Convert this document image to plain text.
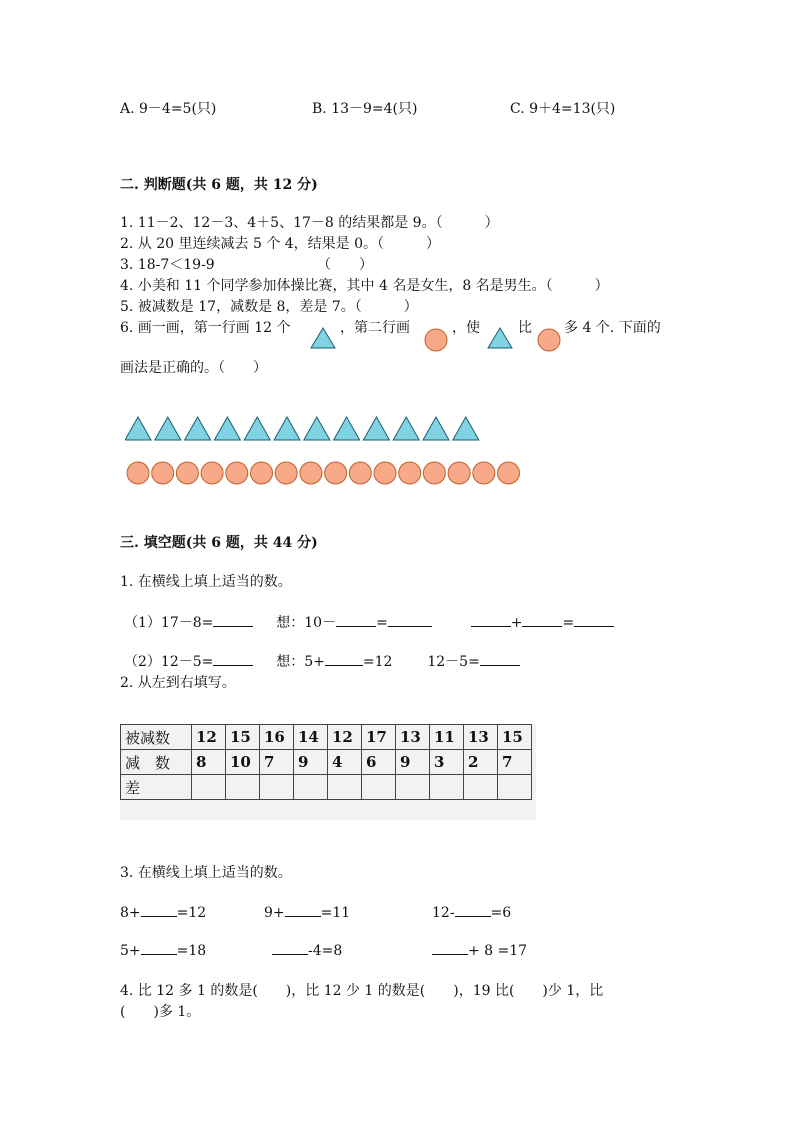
A. 9－4=5(只)	B. 13－9=4(只)	C. 9＋4=13(只)
二. 判断题(共 6 题，共 12 分)
1. 11－2、12－3、4＋5、17－8 的结果都是 9。（　　　）
2. 从 20 里连续减去 5 个 4，结果是 0。（　　　）
3. 18-7＜19-9	（　　）
4. 小美和 11 个同学参加体操比赛，其中 4 名是女生，8 名是男生。（　　　）
5. 被减数是 17，减数是 8，差是 7。（　　　）
6. 画一画，第一行画 12 个	，第二行画	，使	比 多 4 个. 下面的
画法是正确的。（　　）
三. 填空题(共 6 题，共 44 分)
1. 在横线上填上适当的数。
（1）17－8=	想：10－	=	+	=
（2）12－5=	想：5+	=12 12－5=
2. 从左到右填写。
被减数	12	15	16	14	12	17	13	11	13	15
减　数	8	10	7	9	4	6	9	3	2	7
差										
3. 在横线上填上适当的数。
8+	=12	9+	=11	12-	=6
5+	=18	-4=8	+ 8 =17
4. 比 12 多 1 的数是(　　)，比 12 少 1 的数是(　　)，19 比(　　)少 1，比
(　　)多 1。
